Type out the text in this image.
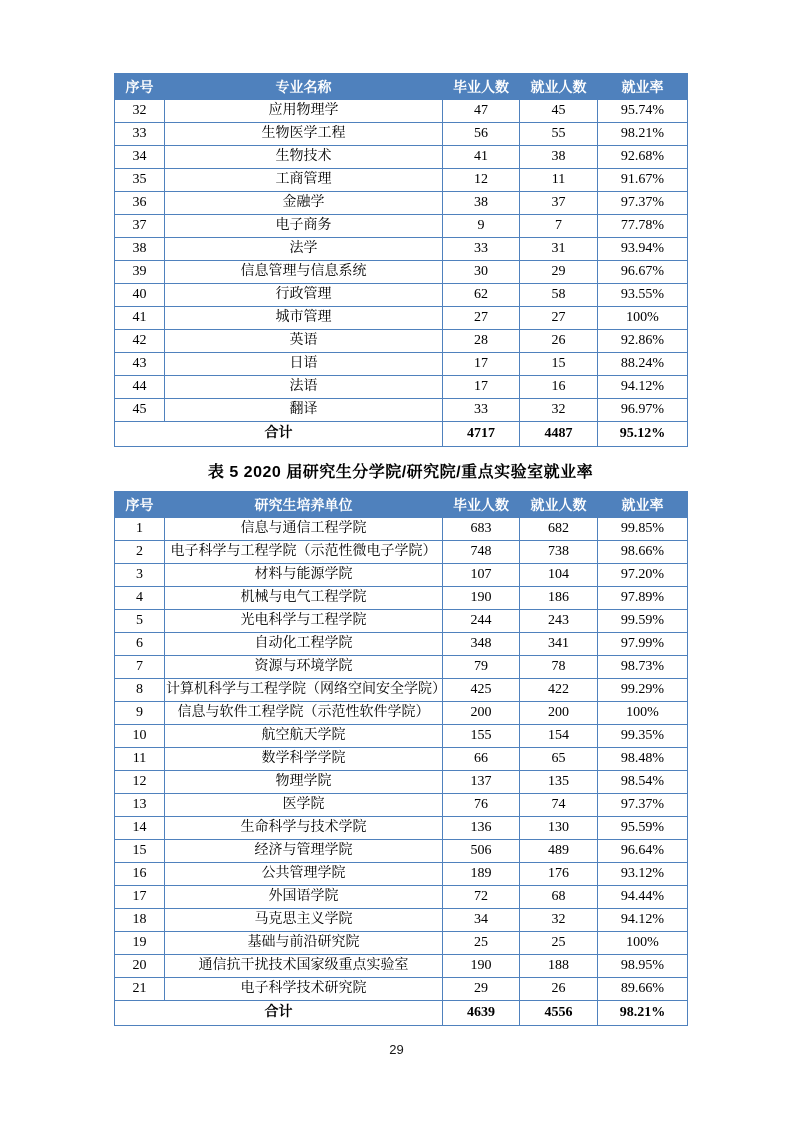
序号	专业名称	毕业人数	就业人数	就业率
32	应用物理学	47	45	95.74%
33	生物医学工程	56	55	98.21%
34	生物技术	41	38	92.68%
35	工商管理	12	11	91.67%
36	金融学	38	37	97.37%
37	电子商务	9	7	77.78%
38	法学	33	31	93.94%
39	信息管理与信息系统	30	29	96.67%
40	行政管理	62	58	93.55%
41	城市管理	27	27	100%
42	英语	28	26	92.86%
43	日语	17	15	88.24%
44	法语	17	16	94.12%
45	翻译	33	32	96.97%
合计		4717	4487	95.12%
表 5 2020 届研究生分学院/研究院/重点实验室就业率
序号	研究生培养单位	毕业人数	就业人数	就业率
1	信息与通信工程学院	683	682	99.85%
2	电子科学与工程学院（示范性微电子学院）	748	738	98.66%
3	材料与能源学院	107	104	97.20%
4	机械与电气工程学院	190	186	97.89%
5	光电科学与工程学院	244	243	99.59%
6	自动化工程学院	348	341	97.99%
7	资源与环境学院	79	78	98.73%
8	计算机科学与工程学院（网络空间安全学院）	425	422	99.29%
9	信息与软件工程学院（示范性软件学院）	200	200	100%
10	航空航天学院	155	154	99.35%
11	数学科学学院	66	65	98.48%
12	物理学院	137	135	98.54%
13	医学院	76	74	97.37%
14	生命科学与技术学院	136	130	95.59%
15	经济与管理学院	506	489	96.64%
16	公共管理学院	189	176	93.12%
17	外国语学院	72	68	94.44%
18	马克思主义学院	34	32	94.12%
19	基础与前沿研究院	25	25	100%
20	通信抗干扰技术国家级重点实验室	190	188	98.95%
21	电子科学技术研究院	29	26	89.66%
合计		4639	4556	98.21%
29
